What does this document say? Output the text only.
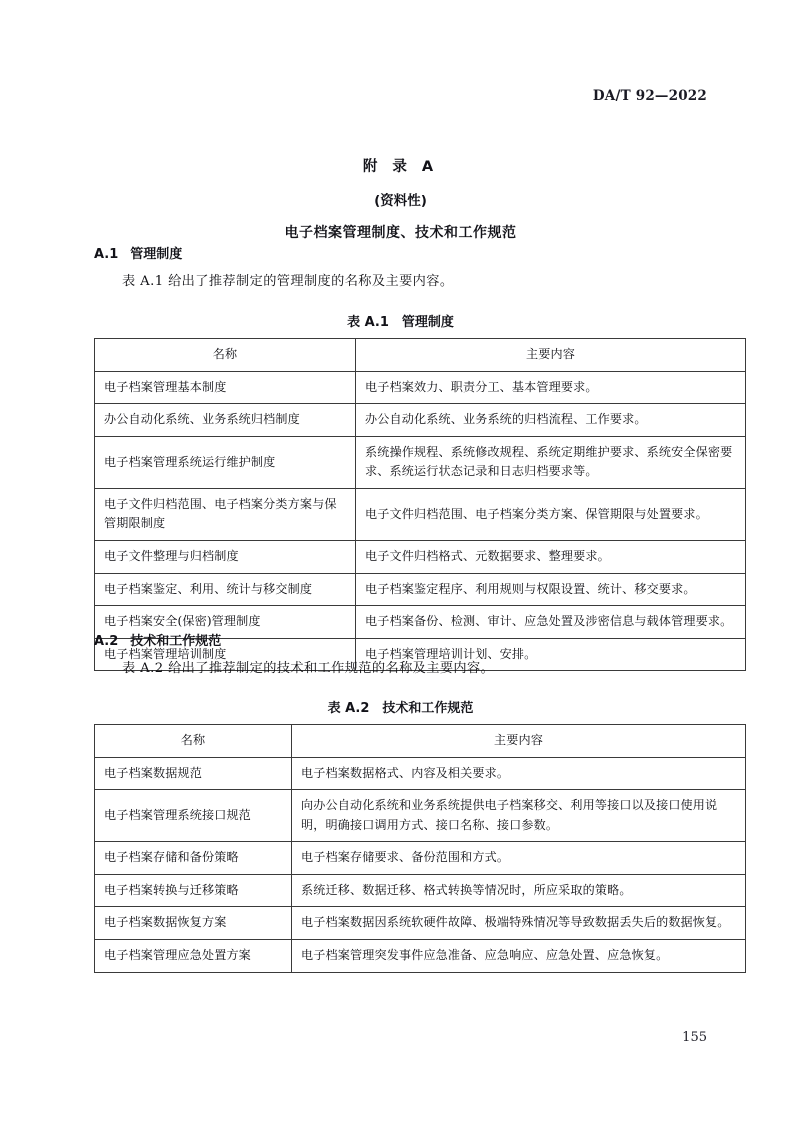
DA/T 92—2022

附 录 A

(资料性)

电子档案管理制度、技术和工作规范

A.1 管理制度

表 A.1 给出了推荐制定的管理制度的名称及主要内容。

表 A.1 管理制度
名称	主要内容
电子档案管理基本制度	电子档案效力、职责分工、基本管理要求。
办公自动化系统、业务系统归档制度	办公自动化系统、业务系统的归档流程、工作要求。
电子档案管理系统运行维护制度	系统操作规程、系统修改规程、系统定期维护要求、系统安全保密要求、系统运行状态记录和日志归档要求等。
电子文件归档范围、电子档案分类方案与保管期限制度	电子文件归档范围、电子档案分类方案、保管期限与处置要求。
电子文件整理与归档制度	电子文件归档格式、元数据要求、整理要求。
电子档案鉴定、利用、统计与移交制度	电子档案鉴定程序、利用规则与权限设置、统计、移交要求。
电子档案安全(保密)管理制度	电子档案备份、检测、审计、应急处置及涉密信息与载体管理要求。
电子档案管理培训制度	电子档案管理培训计划、安排。

A.2 技术和工作规范

表 A.2 给出了推荐制定的技术和工作规范的名称及主要内容。

表 A.2 技术和工作规范
名称	主要内容
电子档案数据规范	电子档案数据格式、内容及相关要求。
电子档案管理系统接口规范	向办公自动化系统和业务系统提供电子档案移交、利用等接口以及接口使用说明，明确接口调用方式、接口名称、接口参数。
电子档案存储和备份策略	电子档案存储要求、备份范围和方式。
电子档案转换与迁移策略	系统迁移、数据迁移、格式转换等情况时，所应采取的策略。
电子档案数据恢复方案	电子档案数据因系统软硬件故障、极端特殊情况等导致数据丢失后的数据恢复。
电子档案管理应急处置方案	电子档案管理突发事件应急准备、应急响应、应急处置、应急恢复。
155
